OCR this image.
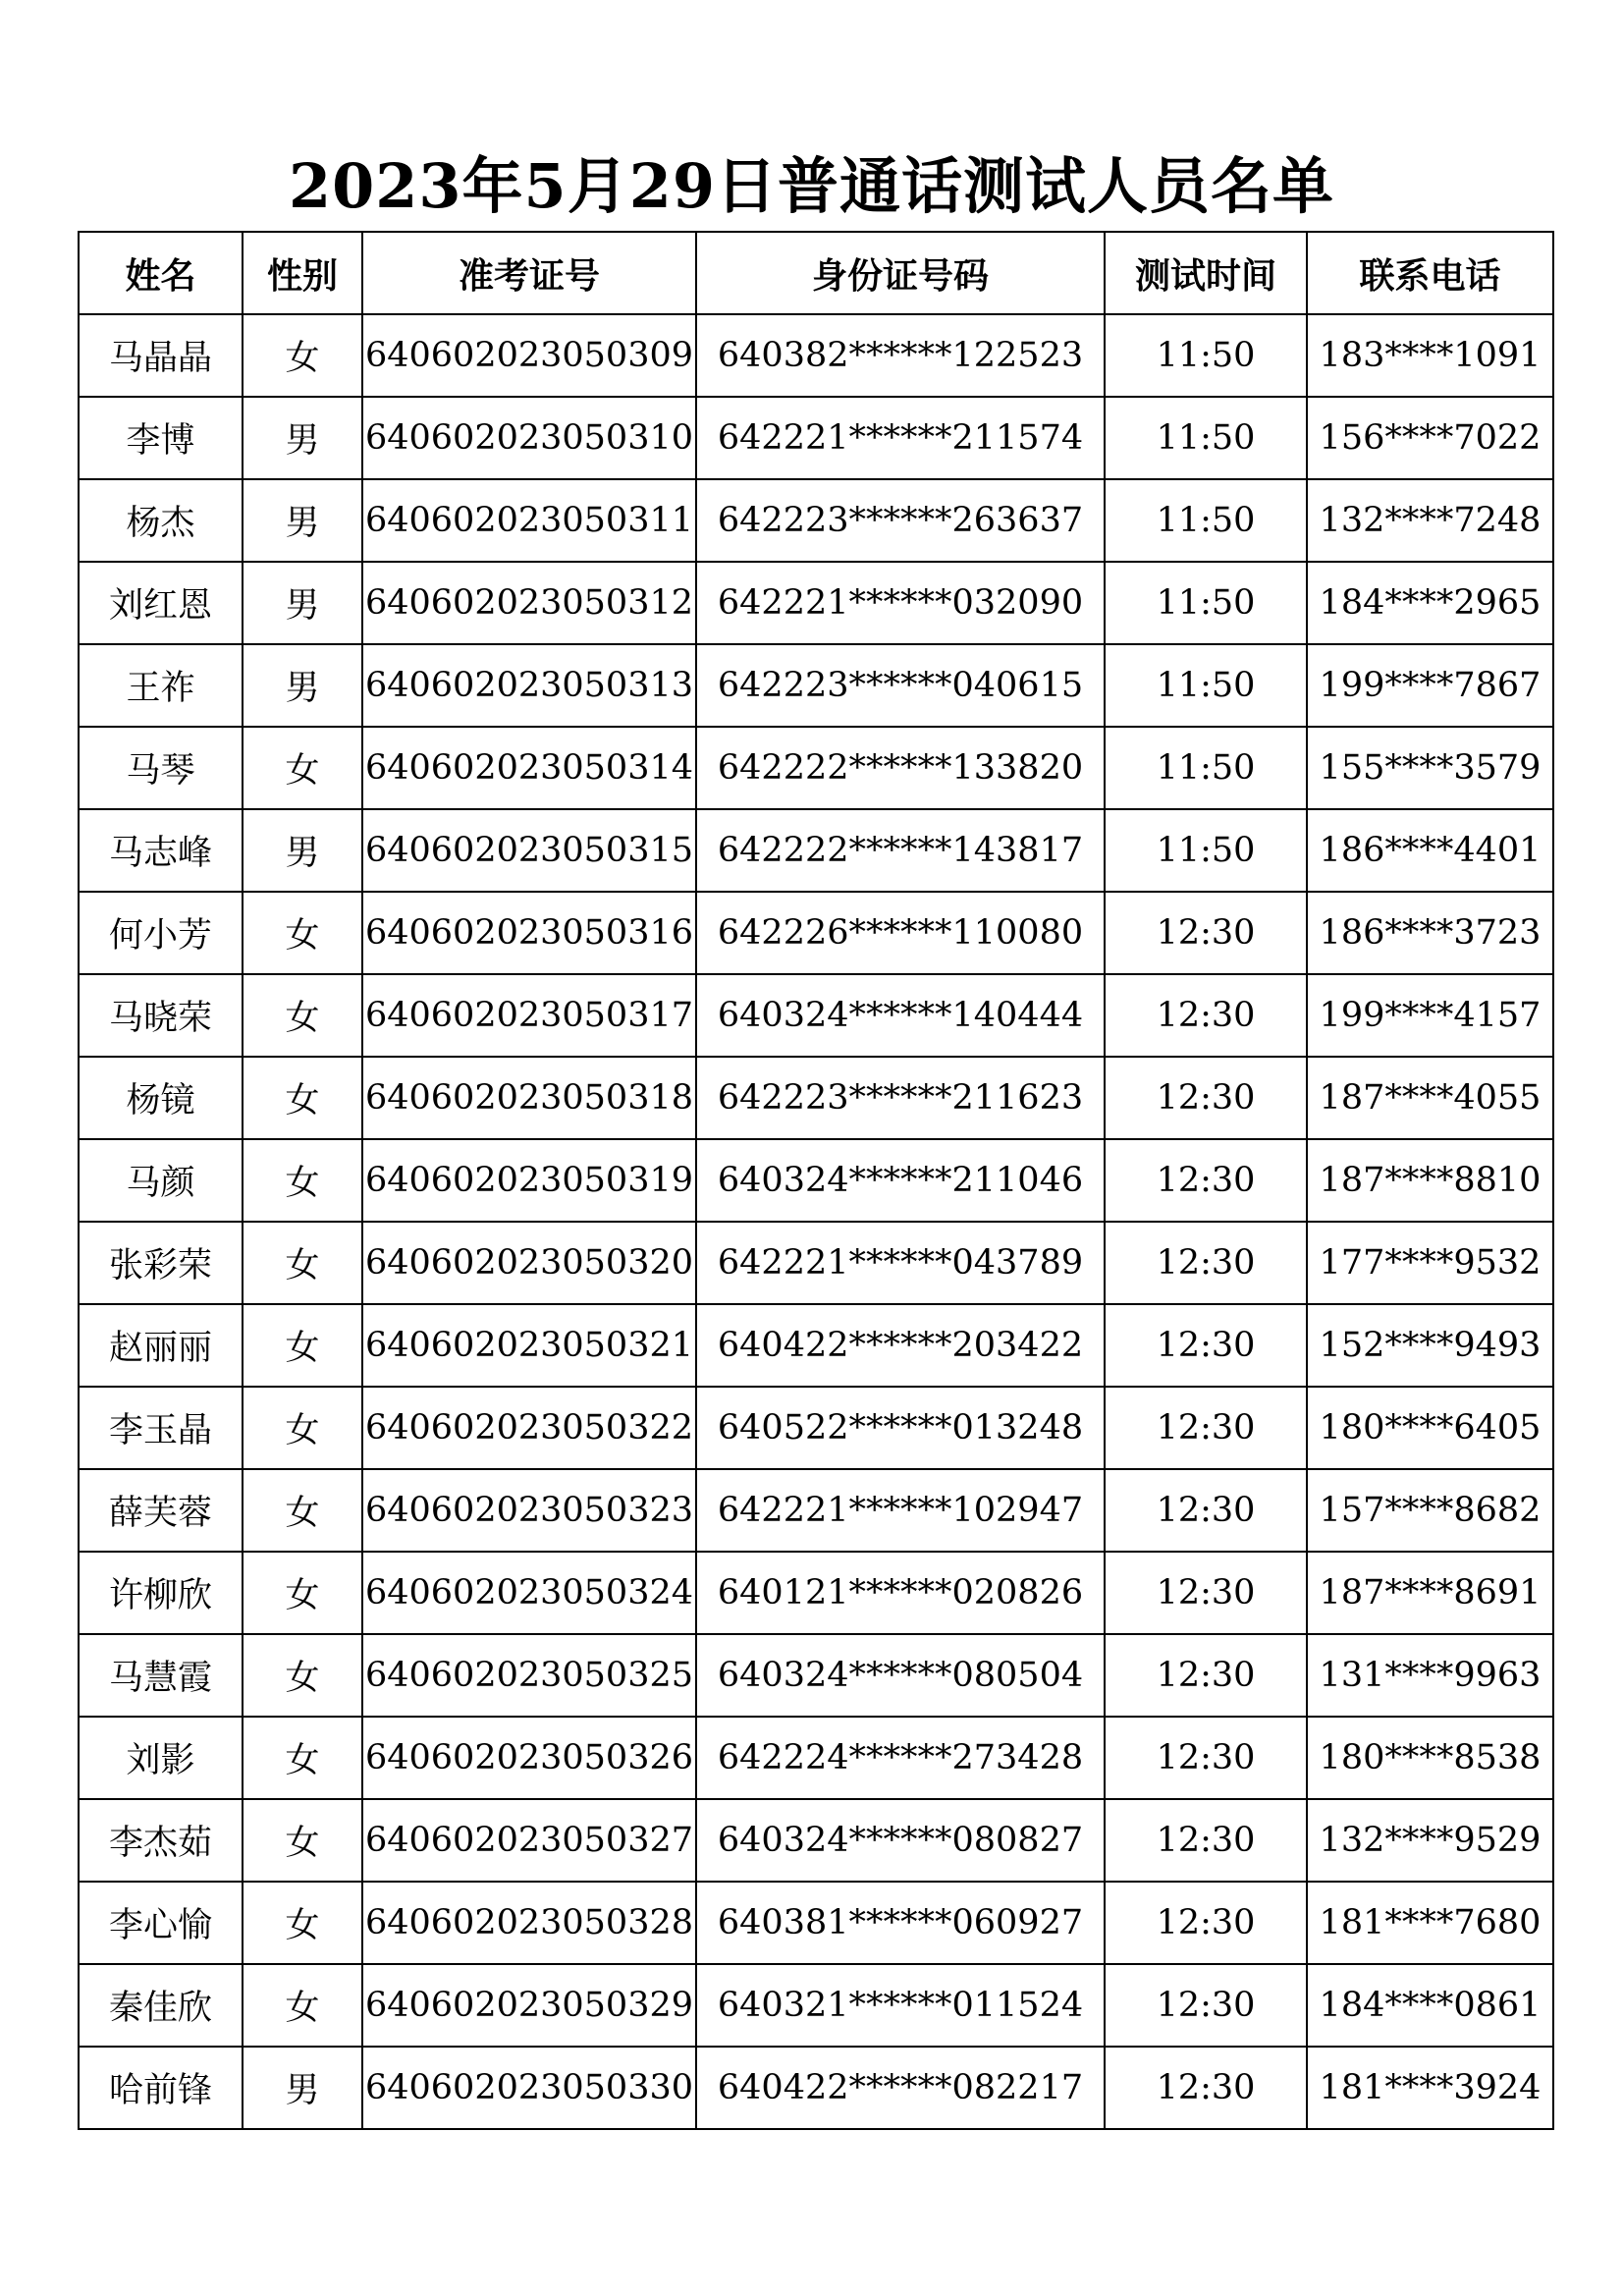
2023年5月29日普通话测试人员名单
姓名	性别	准考证号	身份证号码	测试时间	联系电话
马晶晶	女	640602023050309	640382******122523	11:50	183****1091
李博	男	640602023050310	642221******211574	11:50	156****7022
杨杰	男	640602023050311	642223******263637	11:50	132****7248
刘红恩	男	640602023050312	642221******032090	11:50	184****2965
王祚	男	640602023050313	642223******040615	11:50	199****7867
马琴	女	640602023050314	642222******133820	11:50	155****3579
马志峰	男	640602023050315	642222******143817	11:50	186****4401
何小芳	女	640602023050316	642226******110080	12:30	186****3723
马晓荣	女	640602023050317	640324******140444	12:30	199****4157
杨镜	女	640602023050318	642223******211623	12:30	187****4055
马颜	女	640602023050319	640324******211046	12:30	187****8810
张彩荣	女	640602023050320	642221******043789	12:30	177****9532
赵丽丽	女	640602023050321	640422******203422	12:30	152****9493
李玉晶	女	640602023050322	640522******013248	12:30	180****6405
薛芙蓉	女	640602023050323	642221******102947	12:30	157****8682
许柳欣	女	640602023050324	640121******020826	12:30	187****8691
马慧霞	女	640602023050325	640324******080504	12:30	131****9963
刘影	女	640602023050326	642224******273428	12:30	180****8538
李杰茹	女	640602023050327	640324******080827	12:30	132****9529
李心愉	女	640602023050328	640381******060927	12:30	181****7680
秦佳欣	女	640602023050329	640321******011524	12:30	184****0861
哈前锋	男	640602023050330	640422******082217	12:30	181****3924
